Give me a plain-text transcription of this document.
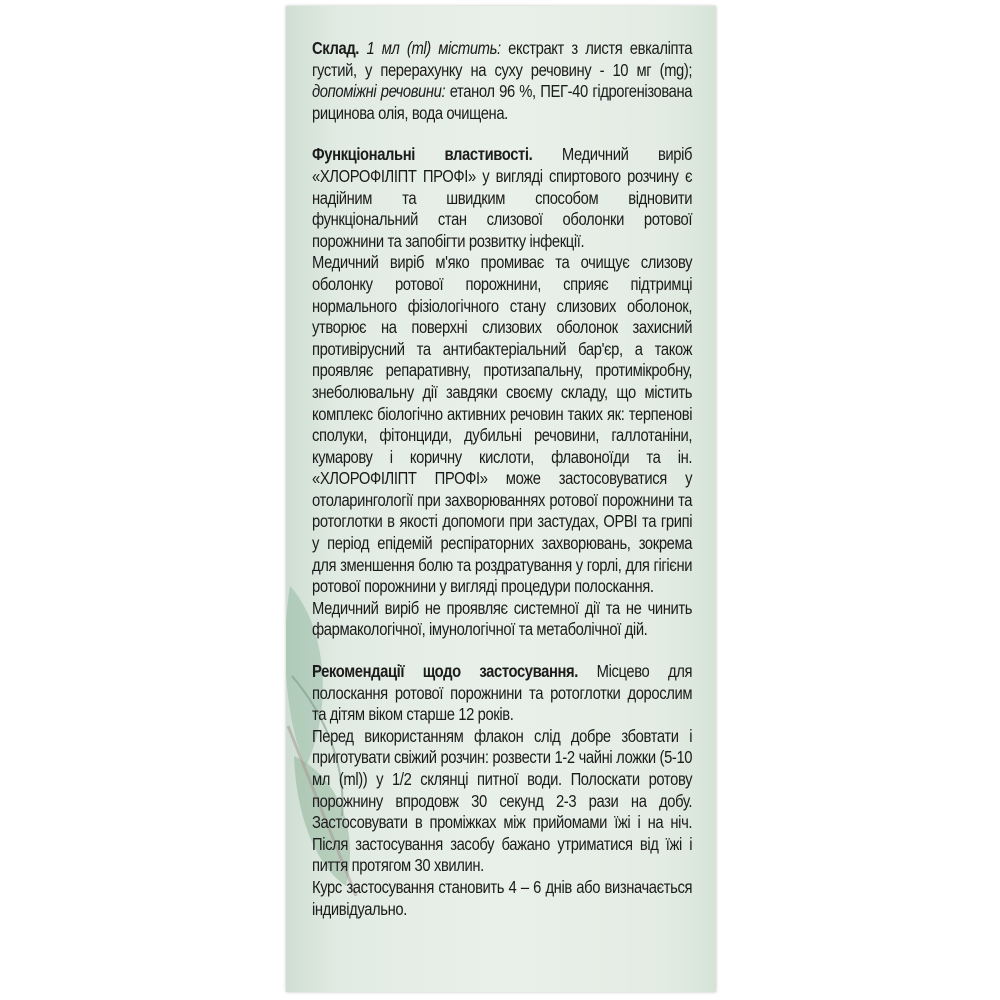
Склад. 1 мл (ml) містить: екстракт з листя евкаліпта густий, у перерахунку на суху речовину - 10 мг (mg); допоміжні речовини: етанол 96 %, ПЕГ-40 гідрогенізована рицинова олія, вода очищена.

Функціональні властивості. Медичний виріб «ХЛОРОФІЛІПТ ПРОФІ» у вигляді спиртового розчину є надійним та швидким способом відновити функціональний стан слизової оболонки ротової порожнини та запобігти розвитку інфекції.

Медичний виріб м'яко промиває та очищує слизову оболонку ротової порожнини, сприяє підтримці нормального фізіологічного стану слизових оболонок, утворює на поверхні слизових оболонок захисний противірусний та антибактеріальний бар'єр, а також проявляє репаративну, протизапальну, протимікробну, знеболювальну дії завдяки своєму складу, що містить комплекс біологічно активних речовин таких як: терпенові сполуки, фітонциди, дубильні речовини, галлотаніни, кумарову і коричну кислоти, флавоноїди та ін. «ХЛОРОФІЛІПТ ПРОФІ» може застосовуватися у отоларингології при захворюваннях ротової порожнини та ротоглотки в якості допомоги при застудах, ОРВІ та грипі у період епідемій респіраторних захворювань, зокрема для зменшення болю та роздратування у горлі, для гігієни ротової порожнини у вигляді процедури полоскання.

Медичний виріб не проявляє системної дії та не чинить фармакологічної, імунологічної та метаболічної дій.

Рекомендації щодо застосування. Місцево для полоскання ротової порожнини та ротоглотки дорослим та дітям віком старше 12 років.

Перед використанням флакон слід добре збовтати і приготувати свіжий розчин: розвести 1-2 чайні ложки (5-10 мл (ml)) у 1/2 склянці питної води. Полоскати ротову порожнину впродовж 30 секунд 2-3 рази на добу. Застосовувати в проміжках між прийомами їжі і на ніч. Після застосування засобу бажано утриматися від їжі і пиття протягом 30 хвилин.

Курс застосування становить 4 – 6 днів або визначається індивідуально.
